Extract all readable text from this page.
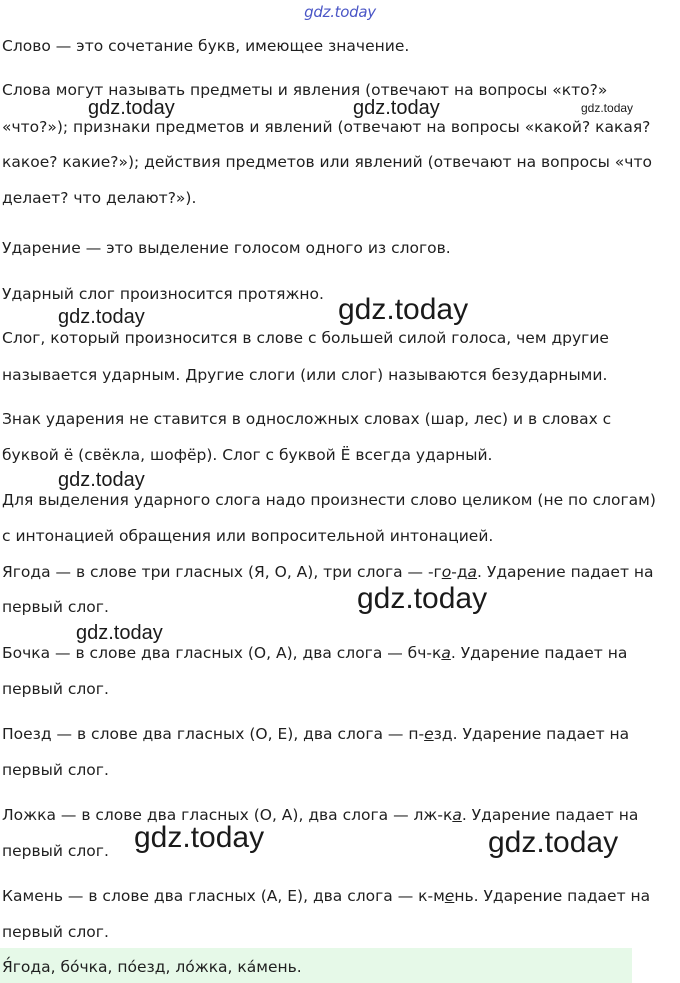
gdz.today
Слово — это сочетание букв, имеющее значение.
Слова могут называть предметы и явления (отвечают на вопросы «кто?»
«что?»); признаки предметов и явлений (отвечают на вопросы «какой? какая?
какое? какие?»); действия предметов или явлений (отвечают на вопросы «что
делает? что делают?»).
Ударение — это выделение голосом одного из слогов.
Ударный слог произносится протяжно.
Слог, который произносится в слове с большей силой голоса, чем другие
называется ударным. Другие слоги (или слог) называются безударными.
Знак ударения не ставится в односложных словах (шар, лес) и в словах с
буквой ё (свёкла, шофёр). Слог с буквой Ё всегда ударный.
Для выделения ударного слога надо произнести слово целиком (не по слогам)
с интонацией обращения или вопросительной интонацией.
Ягода — в слове три гласных (Я, О, А), три слога — -го-да. Ударение падает на
первый слог.
Бочка — в слове два гласных (О, А), два слога — бч-ка. Ударение падает на
первый слог.
Поезд — в слове два гласных (О, Е), два слога — п-езд. Ударение падает на
первый слог.
Ложка — в слове два гласных (О, А), два слога — лж-ка. Ударение падает на
первый слог.
Камень — в слове два гласных (А, Е), два слога — к-мень. Ударение падает на
первый слог.
Я́года, бо́чка, по́езд, ло́жка, ка́мень.
gdz.today	gdz.today	gdz.today
gdz.today
gdz.today
gdz.today
gdz.today
gdz.today
gdz.today	gdz.today
